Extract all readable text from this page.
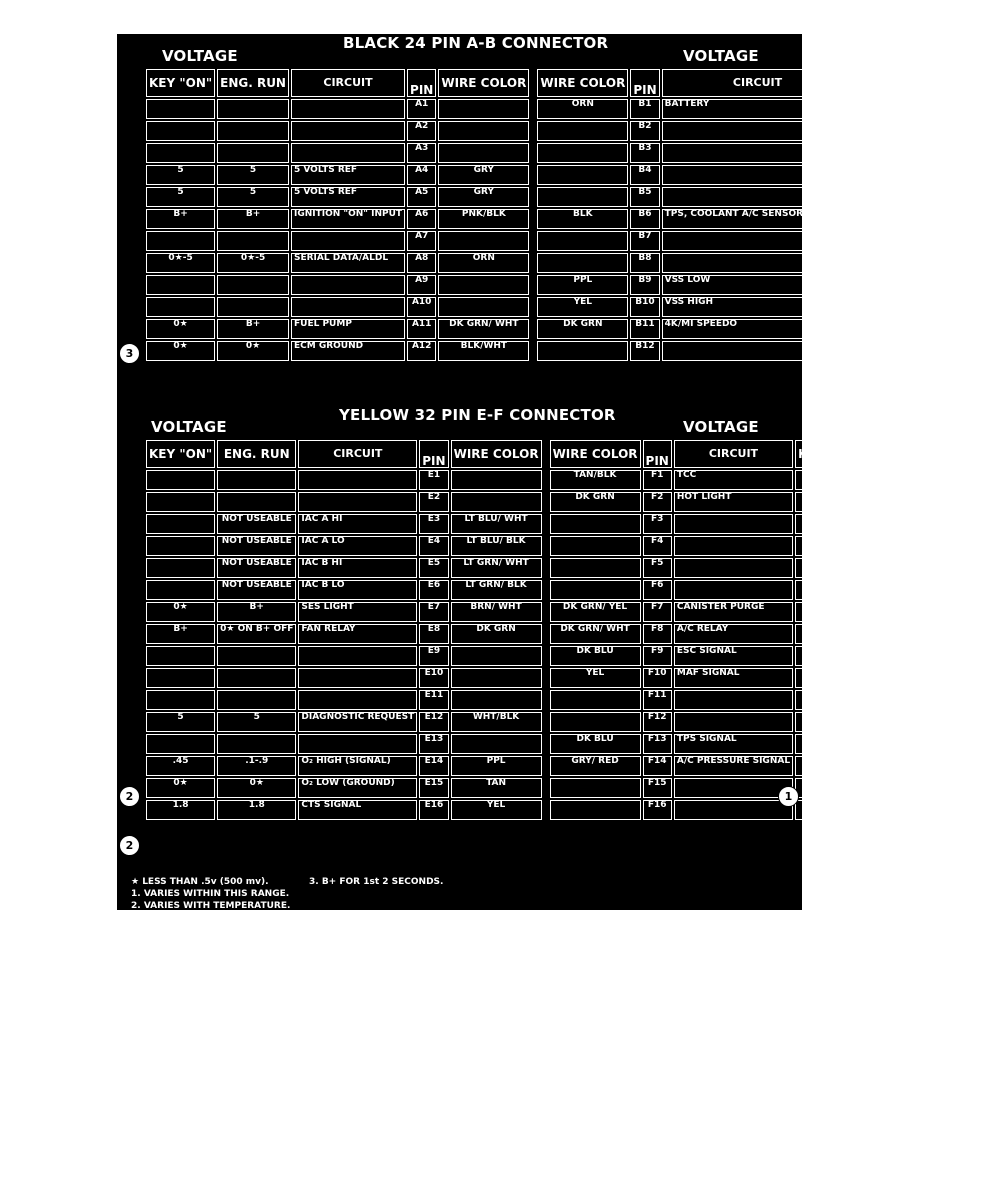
BLACK 24 PIN A-B CONNECTOR
VOLTAGE	VOLTAGE
KEY "ON"	ENG. RUN	CIRCUIT	PIN	WIRE COLOR		WIRE COLOR	PIN	CIRCUIT	KEY "ON"	ENG. RUN
			A1			ORN	B1	BATTERY	B+	B+
			A2				B2			
			A3				B3			
5	5	5 VOLTS REF	A4	GRY			B4			
5	5	5 VOLTS REF	A5	GRY			B5			
B+	B+	IGNITION "ON" INPUT	A6	PNK/BLK		BLK	B6	TPS, COOLANT A/C SENSOR GROUND	0★	0★
			A7				B7			
0★-5	0★-5	SERIAL DATA/ALDL	A8	ORN			B8			
			A9			PPL	B9	VSS LOW	0★	0★
			A10			YEL	B10	VSS HIGH	0★ - B+	0★ - B+
0★	B+	FUEL PUMP	A11	DK GRN/ WHT		DK GRN	B11	4K/MI SPEEDO	8	9
0★	0★	ECM GROUND	A12	BLK/WHT			B12			
YELLOW 32 PIN E-F CONNECTOR
VOLTAGE	VOLTAGE
KEY "ON"	ENG. RUN	CIRCUIT	PIN	WIRE COLOR		WIRE COLOR	PIN	CIRCUIT	KEY "ON"	ENG. RUN
			E1			TAN/BLK	F1	TCC	0★	0★
			E2			DK GRN	F2	HOT LIGHT	0★	B+
	NOT USEABLE	IAC A HI	E3	LT BLU/ WHT			F3			
	NOT USEABLE	IAC A LO	E4	LT BLU/ BLK			F4			
	NOT USEABLE	IAC B HI	E5	LT GRN/ WHT			F5			
	NOT USEABLE	IAC B LO	E6	LT GRN/ BLK			F6			
0★	B+	SES LIGHT	E7	BRN/ WHT		DK GRN/ YEL	F7	CANISTER PURGE	B+	0★-B+
B+	0★ ON B+ OFF	FAN RELAY	E8	DK GRN		DK GRN/ WHT	F8	A/C RELAY	B+	0★ ON B+ OFF
			E9			DK BLU	F9	ESC SIGNAL	2.4	2.4
			E10			YEL	F10	MAF SIGNAL	5.0	2.4
			E11				F11			
5	5	DIAGNOSTIC REQUEST	E12	WHT/BLK			F12			
			E13			DK BLU	F13	TPS SIGNAL	.33-.46	.33-.46
.45	.1-.9	O₂ HIGH (SIGNAL)	E14	PPL		GRY/ RED	F14	A/C PRESSURE SIGNAL	1	.2 - 4.5
0★	0★	O₂ LOW (GROUND)	E15	TAN			F15			
1.8	1.8	CTS SIGNAL	E16	YEL			F16			
★ LESS THAN .5v (500 mv).
1. VARIES WITHIN THIS RANGE.
2. VARIES WITH TEMPERATURE.
3. B+ FOR 1st 2 SECONDS.
3
2
2
1
